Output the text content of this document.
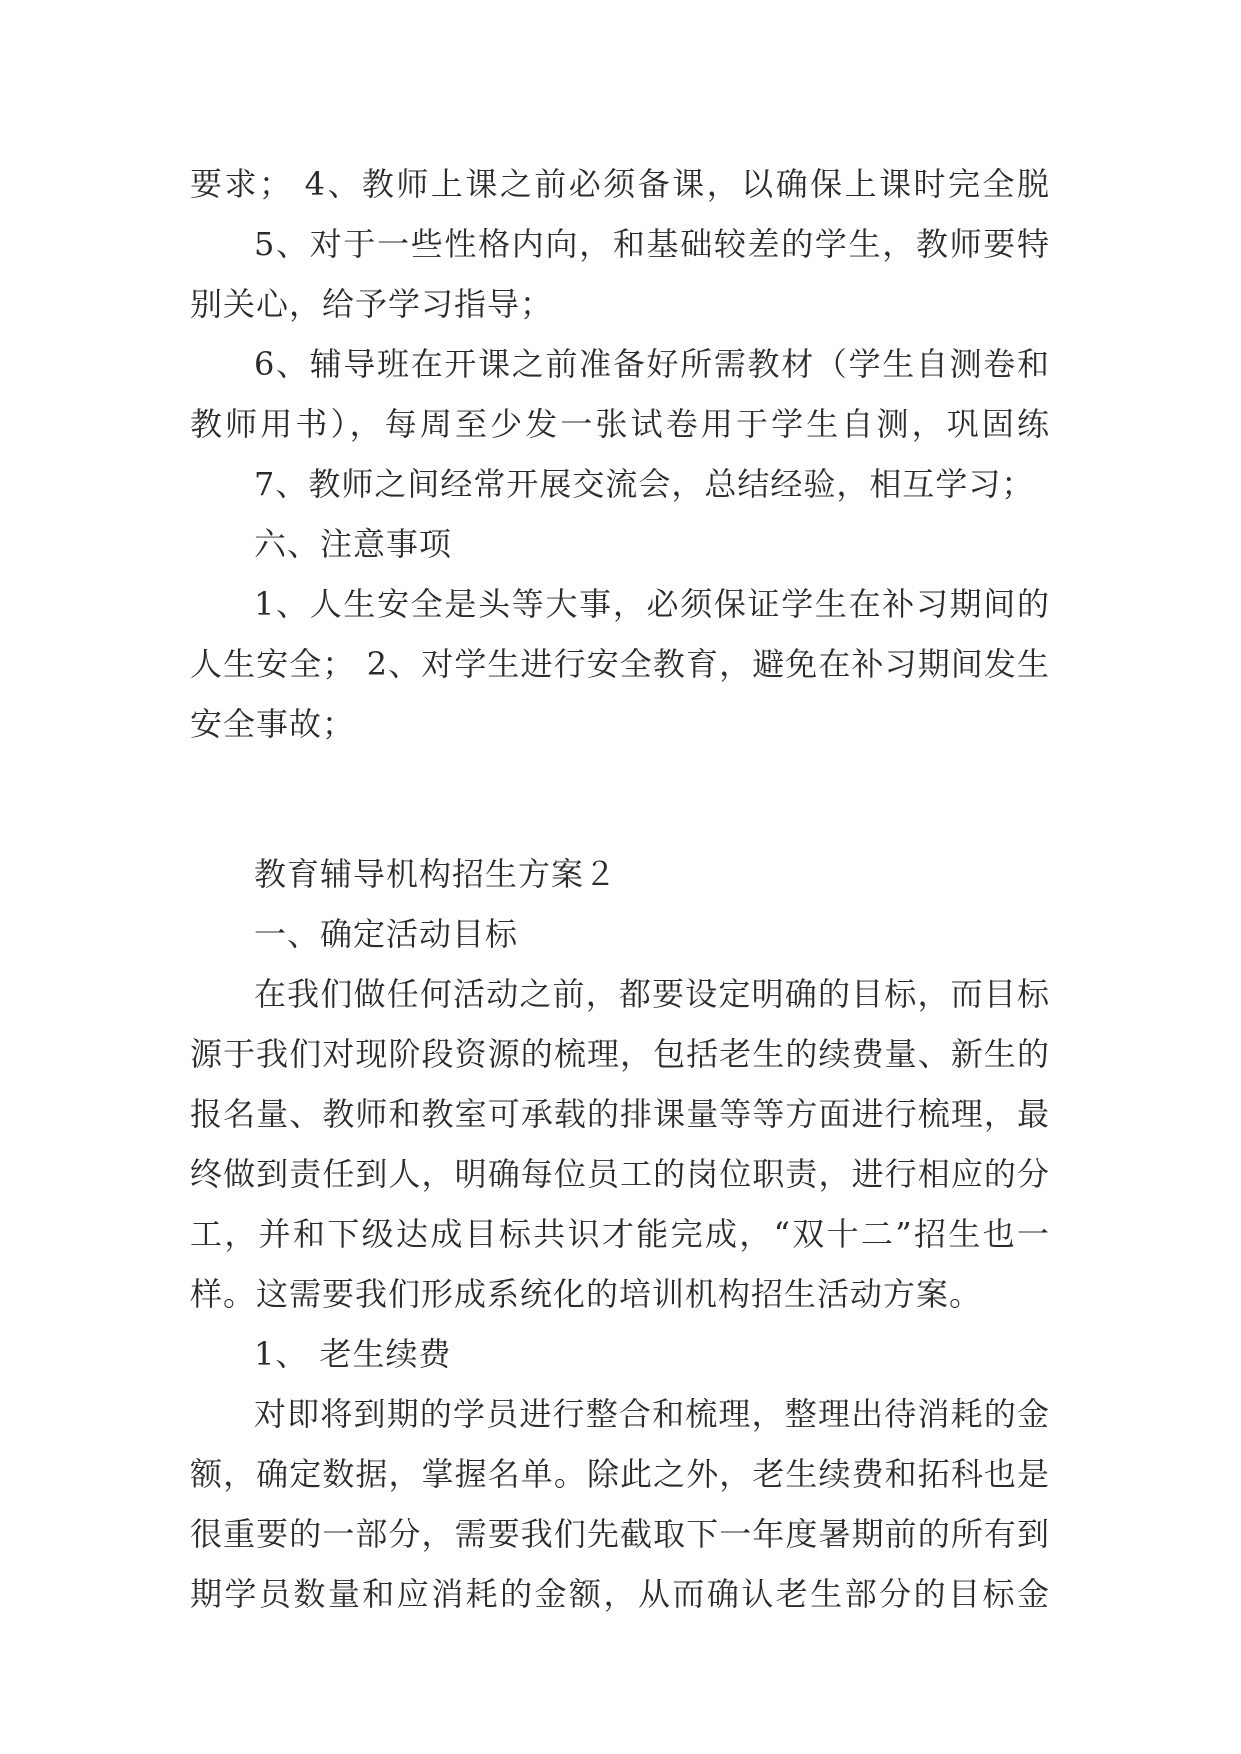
要求； 4、教师上课之前必须备课，以确保上课时完全脱
5、对于一些性格内向，和基础较差的学生，教师要特
别关心，给予学习指导；
6、辅导班在开课之前准备好所需教材（学生自测卷和
教师用书），每周至少发一张试卷用于学生自测，巩固练
7、教师之间经常开展交流会，总结经验，相互学习；
六、注意事项
1、人生安全是头等大事，必须保证学生在补习期间的
人生安全； 2、对学生进行安全教育，避免在补习期间发生
安全事故；
教育辅导机构招生方案２
一、确定活动目标
在我们做任何活动之前，都要设定明确的目标，而目标
源于我们对现阶段资源的梳理，包括老生的续费量、新生的
报名量、教师和教室可承载的排课量等等方面进行梳理，最
终做到责任到人，明确每位员工的岗位职责，进行相应的分
工，并和下级达成目标共识才能完成，“双十二”招生也一
样。这需要我们形成系统化的培训机构招生活动方案。
1、 老生续费
对即将到期的学员进行整合和梳理，整理出待消耗的金
额，确定数据，掌握名单。除此之外，老生续费和拓科也是
很重要的一部分，需要我们先截取下一年度暑期前的所有到
期学员数量和应消耗的金额，从而确认老生部分的目标金
